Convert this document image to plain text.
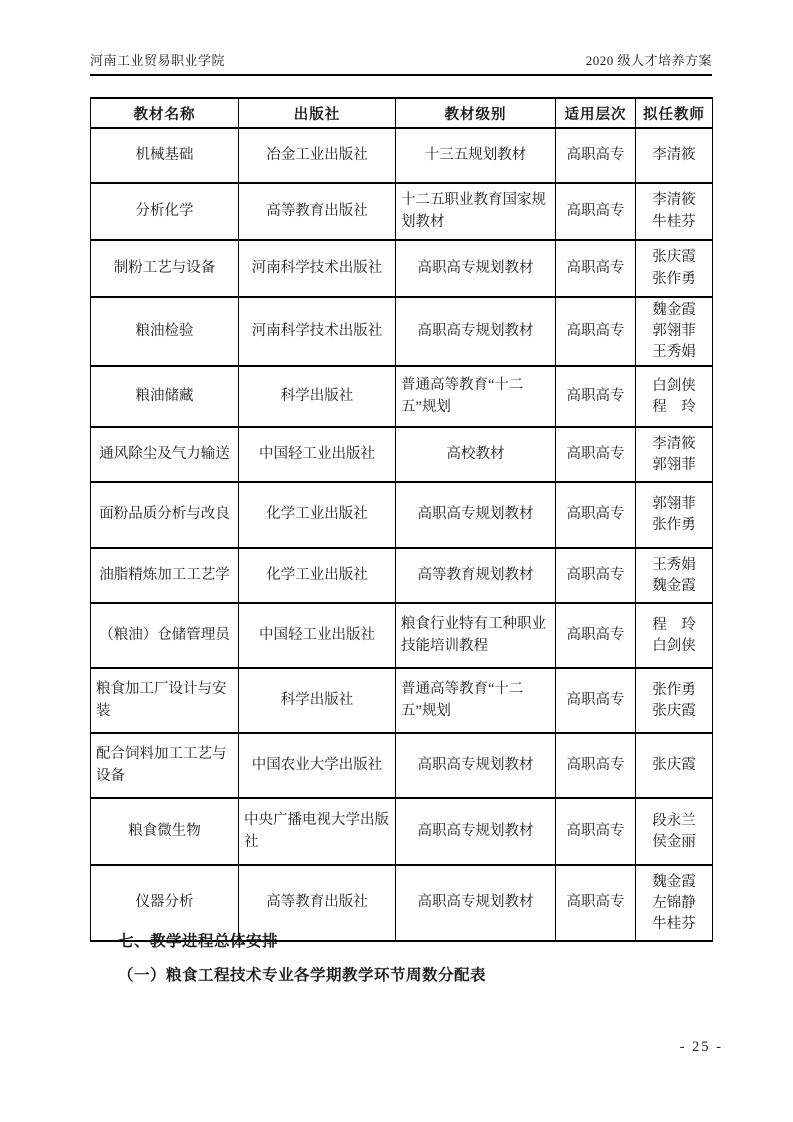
河南工业贸易职业学院	2020 级人才培养方案
教材名称	出版社	教材级别	适用层次	拟任教师
机械基础	冶金工业出版社	十三五规划教材	高职高专	李清筱

分析化学	高等教育出版社	十二五职业教育国家规划教材	高职高专	李清筱
牛桂芬

制粉工艺与设备	河南科学技术出版社	高职高专规划教材	高职高专	张庆霞
张作勇

粮油检验	河南科学技术出版社	高职高专规划教材	高职高专	魏金霞
郭翎菲
王秀娟

粮油储藏	科学出版社	普通高等教育“十二五”规划	高职高专	白剑侠
程　玲

通风除尘及气力输送	中国轻工业出版社	高校教材	高职高专	李清筱
郭翎菲

面粉品质分析与改良	化学工业出版社	高职高专规划教材	高职高专	郭翎菲
张作勇

油脂精炼加工工艺学	化学工业出版社	高等教育规划教材	高职高专	王秀娟
魏金霞

（粮油）仓储管理员	中国轻工业出版社	粮食行业特有工种职业技能培训教程	高职高专	程　玲
白剑侠

粮食加工厂设计与安装	科学出版社	普通高等教育“十二五”规划	高职高专	张作勇
张庆霞

配合饲料加工工艺与设备	中国农业大学出版社	高职高专规划教材	高职高专	张庆霞

粮食微生物	中央广播电视大学出版社	高职高专规划教材	高职高专	段永兰
侯金丽

仪器分析	高等教育出版社	高职高专规划教材	高职高专	魏金霞
左锦静
牛桂芬
七、教学进程总体安排
（一）粮食工程技术专业各学期教学环节周数分配表
- 25 -
